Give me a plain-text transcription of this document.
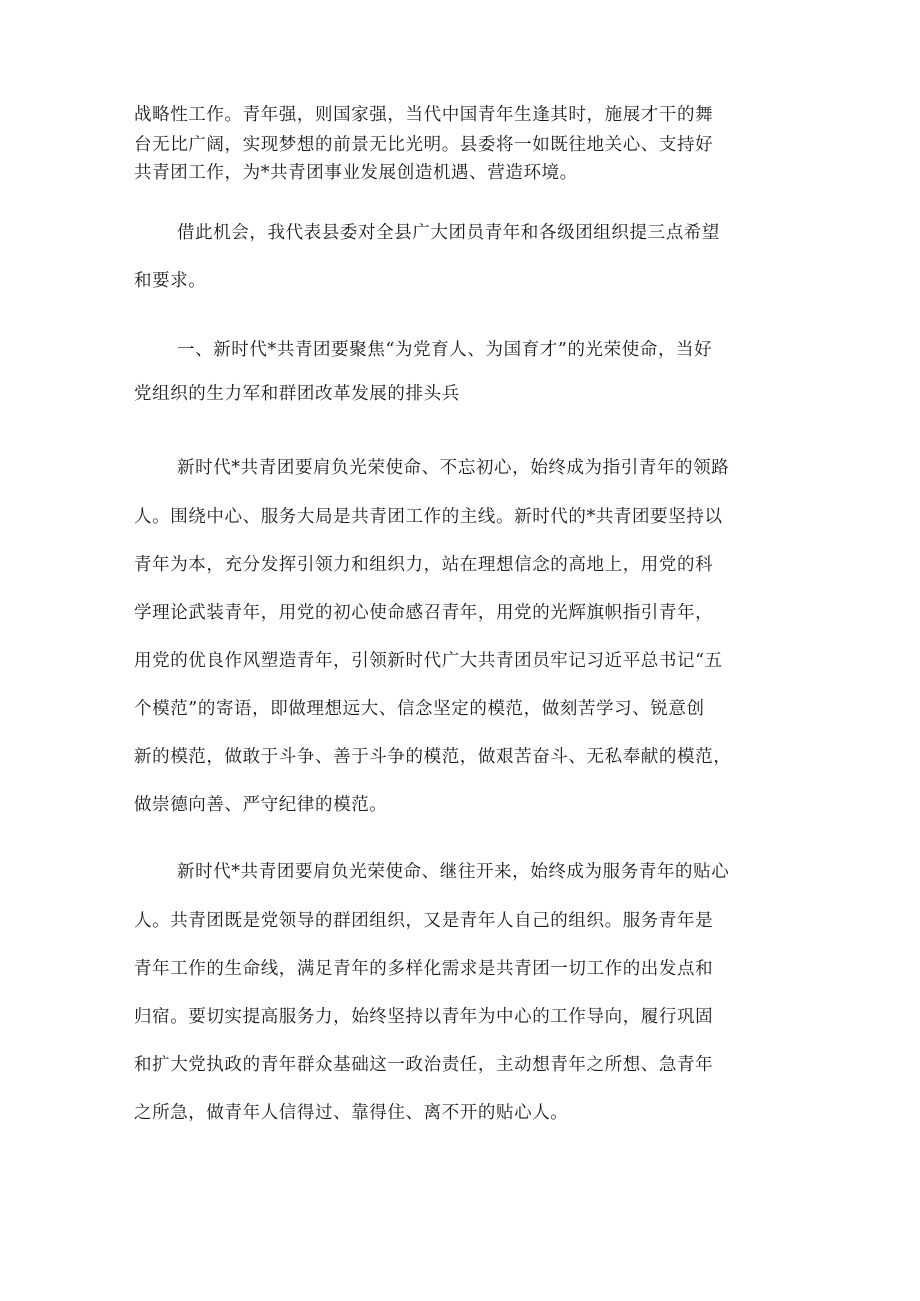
战略性工作。青年强，则国家强，当代中国青年生逢其时，施展才干的舞
台无比广阔，实现梦想的前景无比光明。县委将一如既往地关心、支持好
共青团工作，为*共青团事业发展创造机遇、营造环境。
借此机会，我代表县委对全县广大团员青年和各级团组织提三点希望
和要求。
一、新时代*共青团要聚焦“为党育人、为国育才”的光荣使命，当好
党组织的生力军和群团改革发展的排头兵
新时代*共青团要肩负光荣使命、不忘初心，始终成为指引青年的领路
人。围绕中心、服务大局是共青团工作的主线。新时代的*共青团要坚持以
青年为本，充分发挥引领力和组织力，站在理想信念的高地上，用党的科
学理论武装青年，用党的初心使命感召青年，用党的光辉旗帜指引青年，
用党的优良作风塑造青年，引领新时代广大共青团员牢记习近平总书记“五
个模范”的寄语，即做理想远大、信念坚定的模范，做刻苦学习、锐意创
新的模范，做敢于斗争、善于斗争的模范，做艰苦奋斗、无私奉献的模范，
做崇德向善、严守纪律的模范。
新时代*共青团要肩负光荣使命、继往开来，始终成为服务青年的贴心
人。共青团既是党领导的群团组织，又是青年人自己的组织。服务青年是
青年工作的生命线，满足青年的多样化需求是共青团一切工作的出发点和
归宿。要切实提高服务力，始终坚持以青年为中心的工作导向，履行巩固
和扩大党执政的青年群众基础这一政治责任，主动想青年之所想、急青年
之所急，做青年人信得过、靠得住、离不开的贴心人。
